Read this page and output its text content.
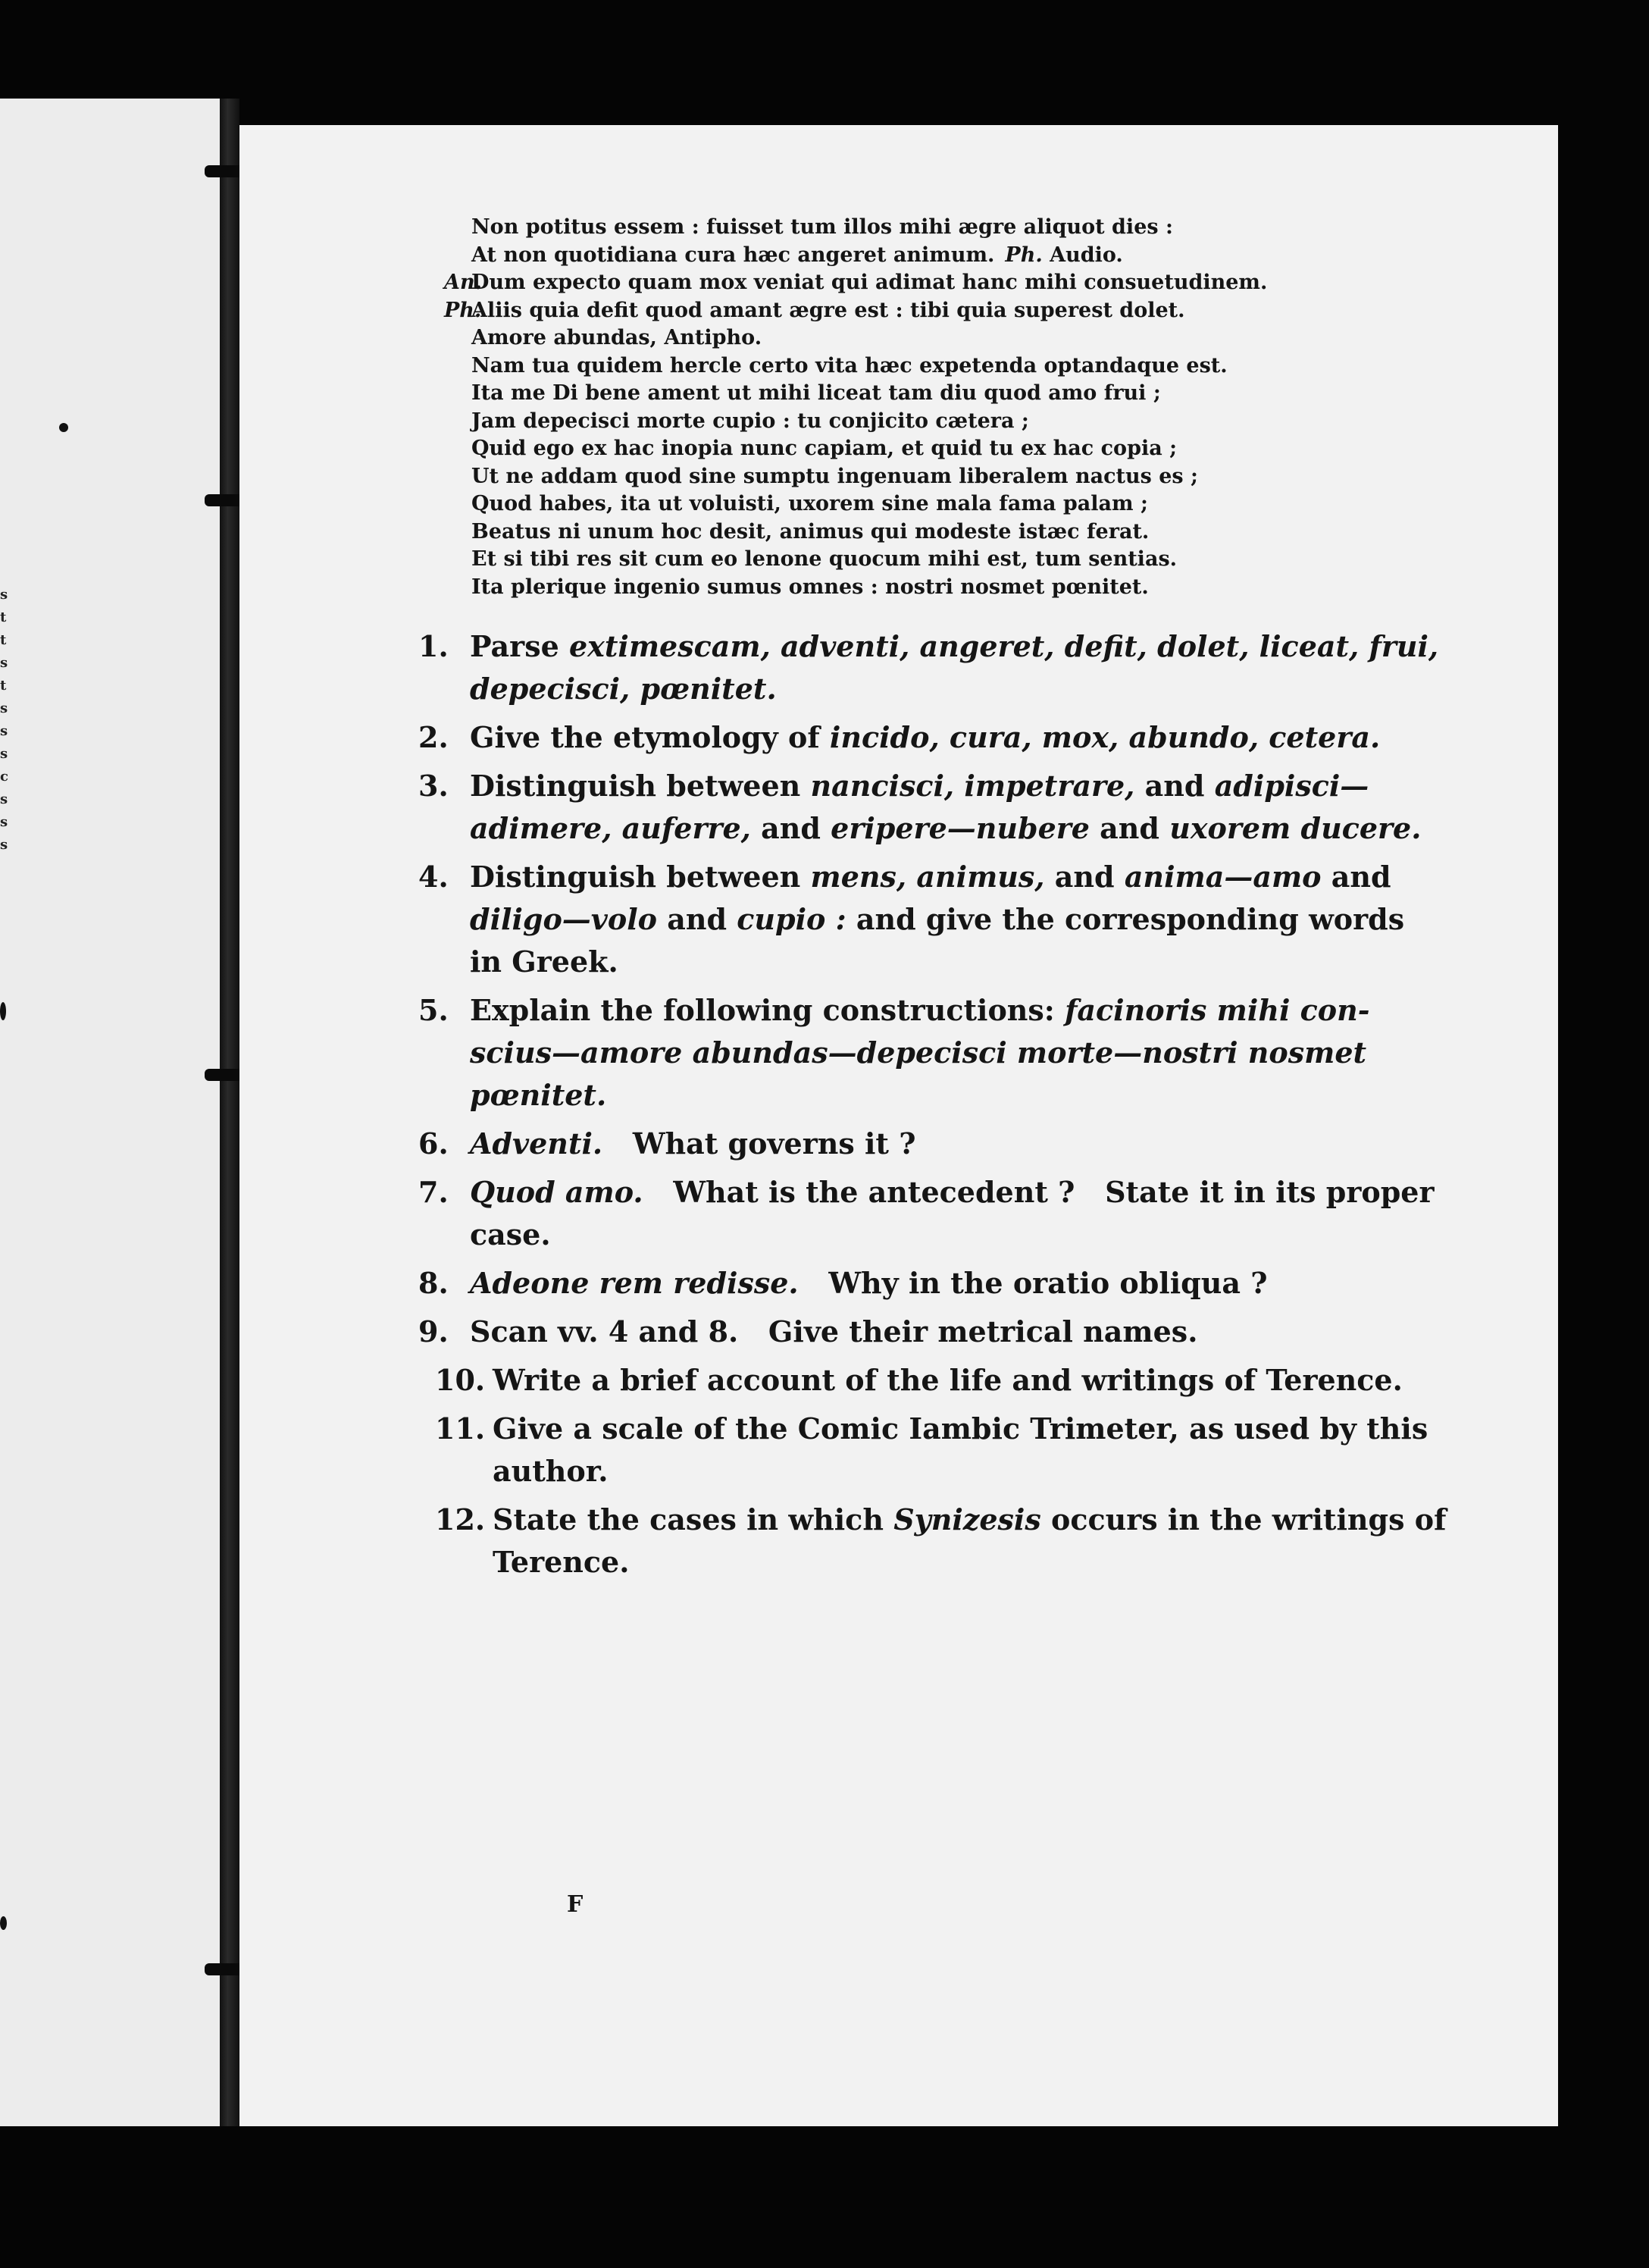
s
t
t
s
t
s
s
s
c
s
s
s
Non potitus essem : fuisset tum illos mihi ægre aliquot dies :
At non quotidiana cura hæc angeret animum. Ph. Audio.
An.
Dum expecto quam mox veniat qui adimat hanc mihi consuetudinem.
Ph.
Aliis quia defit quod amant ægre est : tibi quia superest dolet.
Amore abundas, Antipho.
Nam tua quidem hercle certo vita hæc expetenda optandaque est.
Ita me Di bene ament ut mihi liceat tam diu quod amo frui ;
Jam depecisci morte cupio : tu conjicito cætera ;
Quid ego ex hac inopia nunc capiam, et quid tu ex hac copia ;
Ut ne addam quod sine sumptu ingenuam liberalem nactus es ;
Quod habes, ita ut voluisti, uxorem sine mala fama palam ;
Beatus ni unum hoc desit, animus qui modeste istæc ferat.
Et si tibi res sit cum eo lenone quocum mihi est, tum sentias.
Ita plerique ingenio sumus omnes : nostri nosmet pœnitet.
1. Parse extimescam, adventi, angeret, defit, dolet, liceat, frui,
depecisci, pœnitet.
2. Give the etymology of incido, cura, mox, abundo, cetera.
3. Distinguish between nancisci, impetrare, and adipisci—
adimere, auferre, and eripere—nubere and uxorem ducere.
4. Distinguish between mens, animus, and anima—amo and
diligo—volo and cupio : and give the corresponding words
in Greek.
5. Explain the following constructions: facinoris mihi con-
scius—amore abundas—depecisci morte—nostri nosmet
pœnitet.
6. Adventi.   What governs it ?
7. Quod amo.   What is the antecedent ?   State it in its proper
case.
8. Adeone rem redisse.   Why in the oratio obliqua ?
9. Scan vv. 4 and 8.   Give their metrical names.
10. Write a brief account of the life and writings of Terence.
11. Give a scale of the Comic Iambic Trimeter, as used by this
author.
12. State the cases in which Synizesis occurs in the writings of
Terence.
F
